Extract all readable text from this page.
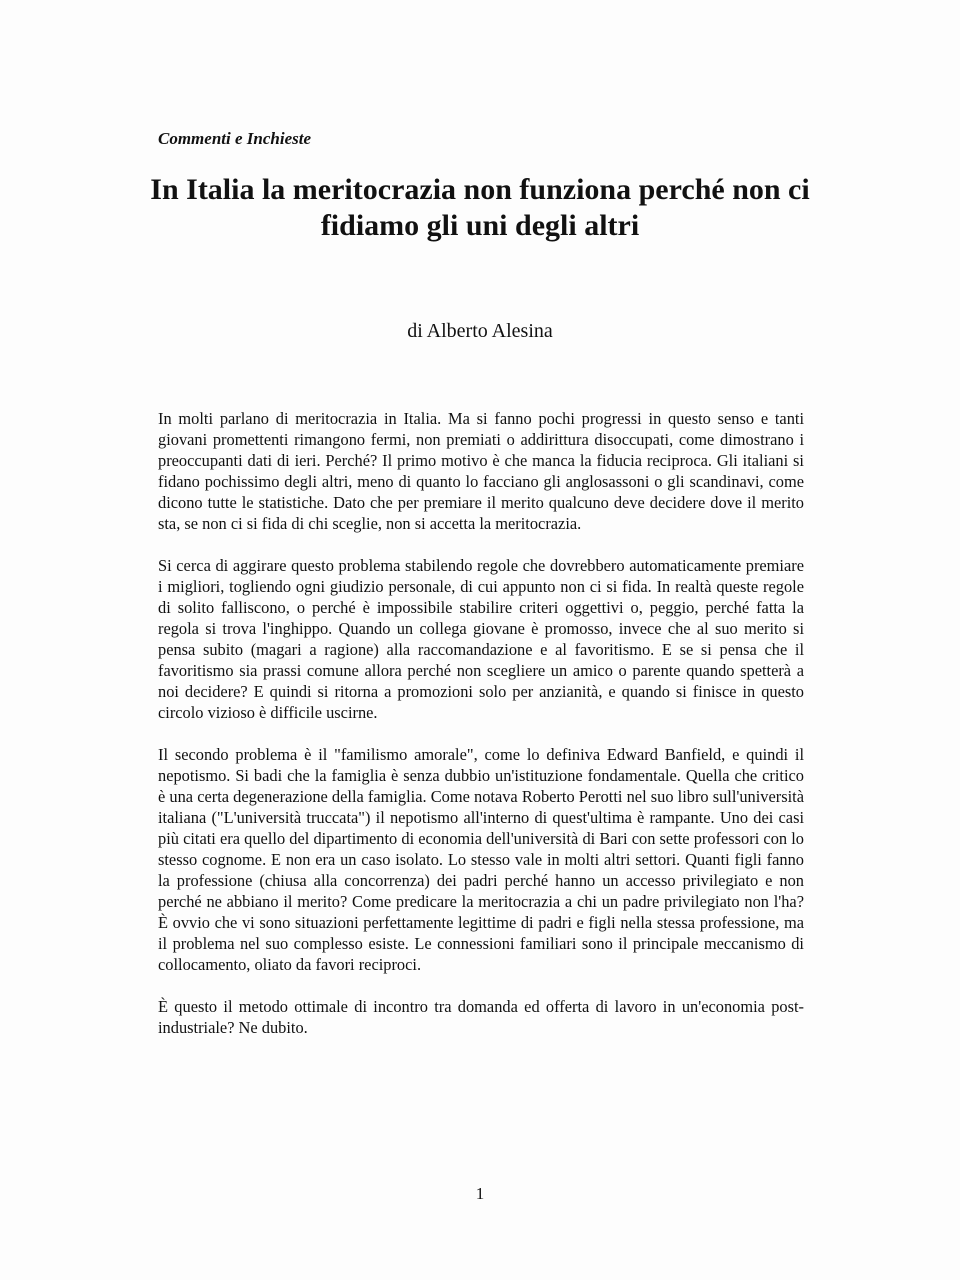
Commenti e Inchieste

In Italia la meritocrazia non funziona perché non ci fidiamo gli uni degli altri

di Alberto Alesina

In molti parlano di meritocrazia in Italia. Ma si fanno pochi progressi in questo senso e tanti giovani promettenti rimangono fermi, non premiati o addirittura disoccupati, come dimostrano i preoccupanti dati di ieri. Perché? Il primo motivo è che manca la fiducia reciproca. Gli italiani si fidano pochissimo degli altri, meno di quanto lo facciano gli anglosassoni o gli scandinavi, come dicono tutte le statistiche. Dato che per premiare il merito qualcuno deve decidere dove il merito sta, se non ci si fida di chi sceglie, non si accetta la meritocrazia.

Si cerca di aggirare questo problema stabilendo regole che dovrebbero automaticamente premiare i migliori, togliendo ogni giudizio personale, di cui appunto non ci si fida. In realtà queste regole di solito falliscono, o perché è impossibile stabilire criteri oggettivi o, peggio, perché fatta la regola si trova l'inghippo. Quando un collega giovane è promosso, invece che al suo merito si pensa subito (magari a ragione) alla raccomandazione e al favoritismo. E se si pensa che il favoritismo sia prassi comune allora perché non scegliere un amico o parente quando spetterà a noi decidere? E quindi si ritorna a promozioni solo per anzianità, e quando si finisce in questo circolo vizioso è difficile uscirne.

Il secondo problema è il "familismo amorale", come lo definiva Edward Banfield, e quindi il nepotismo. Si badi che la famiglia è senza dubbio un'istituzione fondamentale. Quella che critico è una certa degenerazione della famiglia. Come notava Roberto Perotti nel suo libro sull'università italiana ("L'università truccata") il nepotismo all'interno di quest'ultima è rampante. Uno dei casi più citati era quello del dipartimento di economia dell'università di Bari con sette professori con lo stesso cognome. E non era un caso isolato. Lo stesso vale in molti altri settori. Quanti figli fanno la professione (chiusa alla concorrenza) dei padri perché hanno un accesso privilegiato e non perché ne abbiano il merito? Come predicare la meritocrazia a chi un padre privilegiato non l'ha? È ovvio che vi sono situazioni perfettamente legittime di padri e figli nella stessa professione, ma il problema nel suo complesso esiste. Le connessioni familiari sono il principale meccanismo di collocamento, oliato da favori reciproci.

È questo il metodo ottimale di incontro tra domanda ed offerta di lavoro in un'economia post-industriale? Ne dubito.

1
